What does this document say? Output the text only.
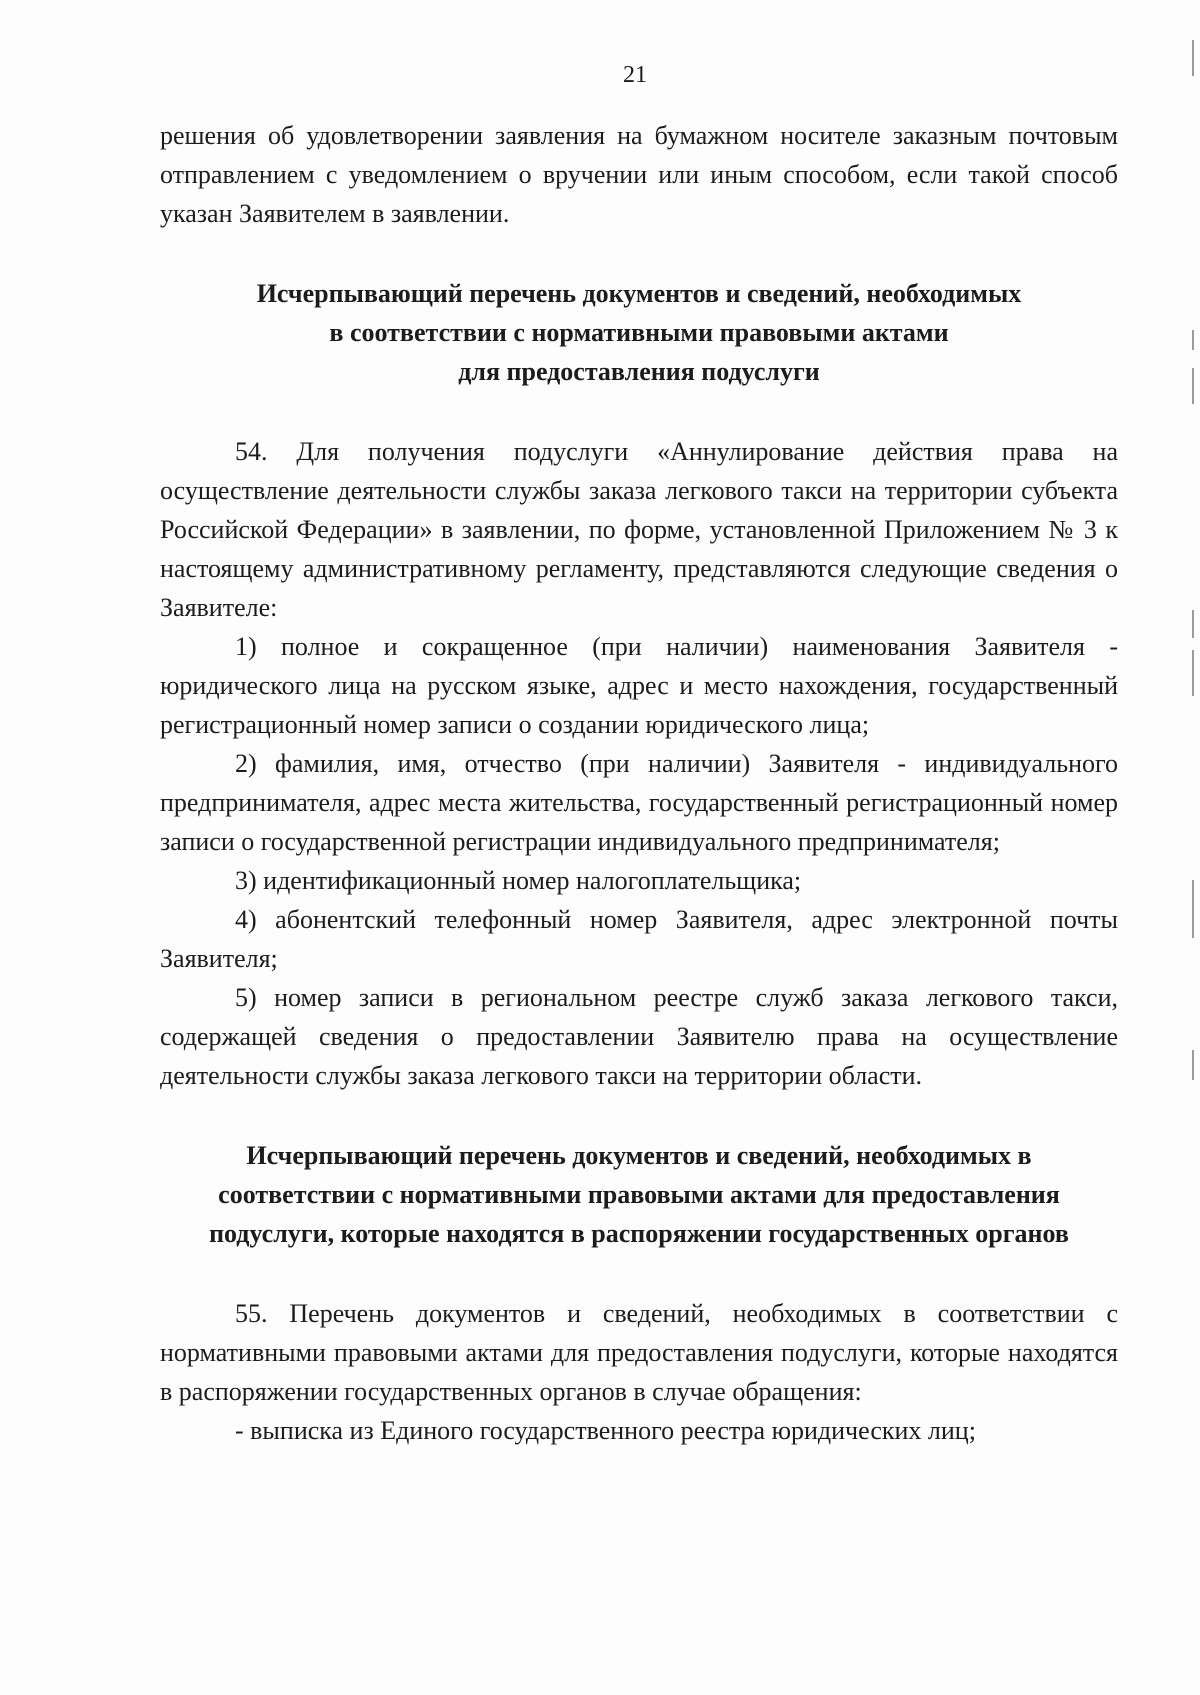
21

решения об удовлетворении заявления на бумажном носителе заказным почтовым отправлением с уведомлением о вручении или иным способом, если такой способ указан Заявителем в заявлении.

Исчерпывающий перечень документов и сведений, необходимых
в соответствии с нормативными правовыми актами
для предоставления подуслуги

54. Для получения подуслуги «Аннулирование действия права на осуществление деятельности службы заказа легкового такси на территории субъекта Российской Федерации» в заявлении, по форме, установленной Приложением № 3 к настоящему административному регламенту, представляются следующие сведения о Заявителе:

1) полное и сокращенное (при наличии) наименования Заявителя - юридического лица на русском языке, адрес и место нахождения, государственный регистрационный номер записи о создании юридического лица;

2) фамилия, имя, отчество (при наличии) Заявителя - индивидуального предпринимателя, адрес места жительства, государственный регистрационный номер записи о государственной регистрации индивидуального предпринимателя;

3) идентификационный номер налогоплательщика;

4) абонентский телефонный номер Заявителя, адрес электронной почты Заявителя;

5) номер записи в региональном реестре служб заказа легкового такси, содержащей сведения о предоставлении Заявителю права на осуществление деятельности службы заказа легкового такси на территории области.

Исчерпывающий перечень документов и сведений, необходимых в
соответствии с нормативными правовыми актами для предоставления
подуслуги, которые находятся в распоряжении государственных органов

55. Перечень документов и сведений, необходимых в соответствии с нормативными правовыми актами для предоставления подуслуги, которые находятся в распоряжении государственных органов в случае обращения:

- выписка из Единого государственного реестра юридических лиц;
